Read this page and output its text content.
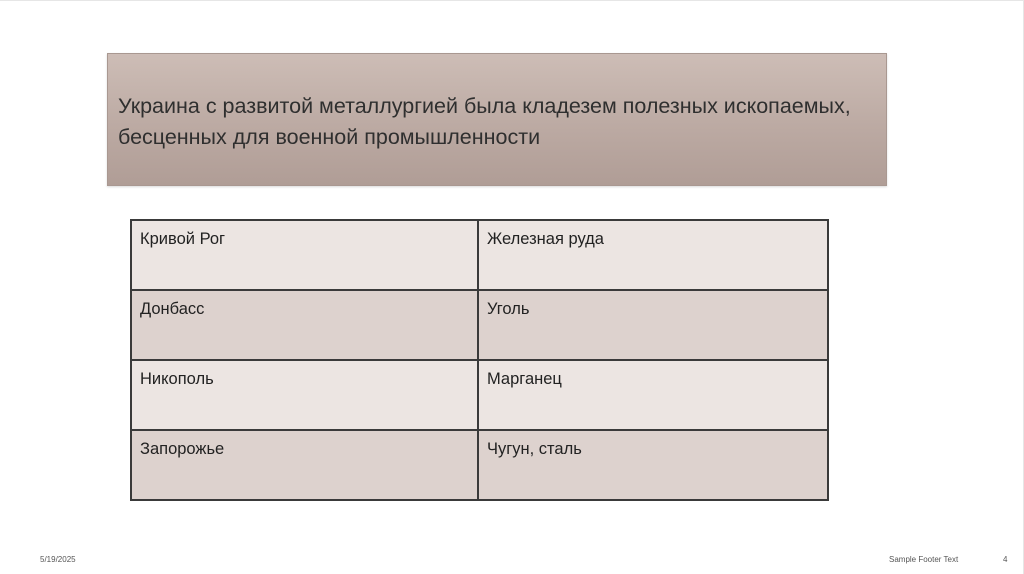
Украина с развитой металлургией была кладезем полезных ископаемых, бесценных для военной промышленности

Кривой Рог	Железная руда
Донбасс	Уголь
Никополь	Марганец
Запорожье	Чугун, сталь
5/19/2025	Sample Footer Text	4
